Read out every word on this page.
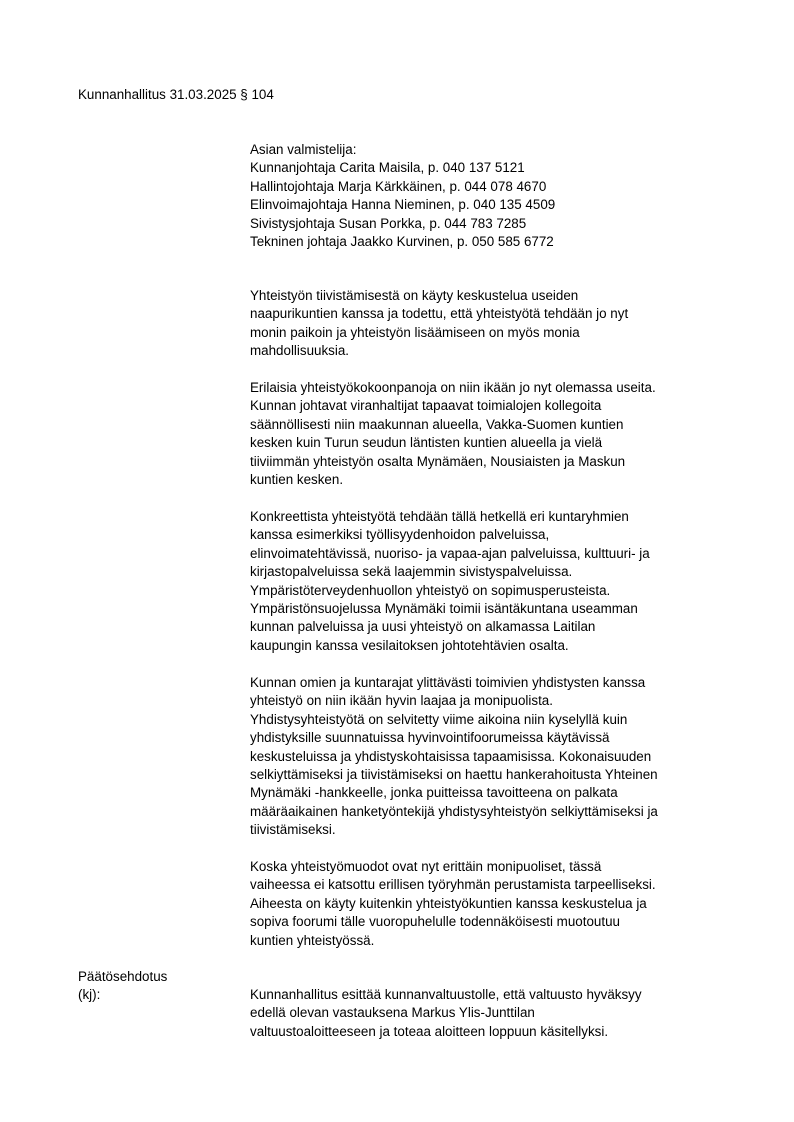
Kunnanhallitus 31.03.2025 § 104
Asian valmistelija:
Kunnanjohtaja Carita Maisila, p. 040 137 5121
Hallintojohtaja Marja Kärkkäinen, p. 044 078 4670
Elinvoimajohtaja Hanna Nieminen, p. 040 135 4509
Sivistysjohtaja Susan Porkka, p. 044 783 7285
Tekninen johtaja Jaakko Kurvinen, p. 050 585 6772
Yhteistyön tiivistämisestä on käyty keskustelua useiden
naapurikuntien kanssa ja todettu, että yhteistyötä tehdään jo nyt
monin paikoin ja yhteistyön lisäämiseen on myös monia
mahdollisuuksia.
Erilaisia yhteistyökokoonpanoja on niin ikään jo nyt olemassa useita.
Kunnan johtavat viranhaltijat tapaavat toimialojen kollegoita
säännöllisesti niin maakunnan alueella, Vakka-Suomen kuntien
kesken kuin Turun seudun läntisten kuntien alueella ja vielä
tiiviimmän yhteistyön osalta Mynämäen, Nousiaisten ja Maskun
kuntien kesken.
Konkreettista yhteistyötä tehdään tällä hetkellä eri kuntaryhmien
kanssa esimerkiksi työllisyydenhoidon palveluissa,
elinvoimatehtävissä, nuoriso- ja vapaa-ajan palveluissa, kulttuuri- ja
kirjastopalveluissa sekä laajemmin sivistyspalveluissa.
Ympäristöterveydenhuollon yhteistyö on sopimusperusteista.
Ympäristönsuojelussa Mynämäki toimii isäntäkuntana useamman
kunnan palveluissa ja uusi yhteistyö on alkamassa Laitilan
kaupungin kanssa vesilaitoksen johtotehtävien osalta.
Kunnan omien ja kuntarajat ylittävästi toimivien yhdistysten kanssa
yhteistyö on niin ikään hyvin laajaa ja monipuolista.
Yhdistysyhteistyötä on selvitetty viime aikoina niin kyselyllä kuin
yhdistyksille suunnatuissa hyvinvointifoorumeissa käytävissä
keskusteluissa ja yhdistyskohtaisissa tapaamisissa. Kokonaisuuden
selkiyttämiseksi ja tiivistämiseksi on haettu hankerahoitusta Yhteinen
Mynämäki -hankkeelle, jonka puitteissa tavoitteena on palkata
määräaikainen hanketyöntekijä yhdistysyhteistyön selkiyttämiseksi ja
tiivistämiseksi.
Koska yhteistyömuodot ovat nyt erittäin monipuoliset, tässä
vaiheessa ei katsottu erillisen työryhmän perustamista tarpeelliseksi.
Aiheesta on käyty kuitenkin yhteistyökuntien kanssa keskustelua ja
sopiva foorumi tälle vuoropuhelulle todennäköisesti muotoutuu
kuntien yhteistyössä.
Päätösehdotus
(kj):	Kunnanhallitus esittää kunnanvaltuustolle, että valtuusto hyväksyy
edellä olevan vastauksena Markus Ylis-Junttilan
valtuustoaloitteeseen ja toteaa aloitteen loppuun käsitellyksi.
